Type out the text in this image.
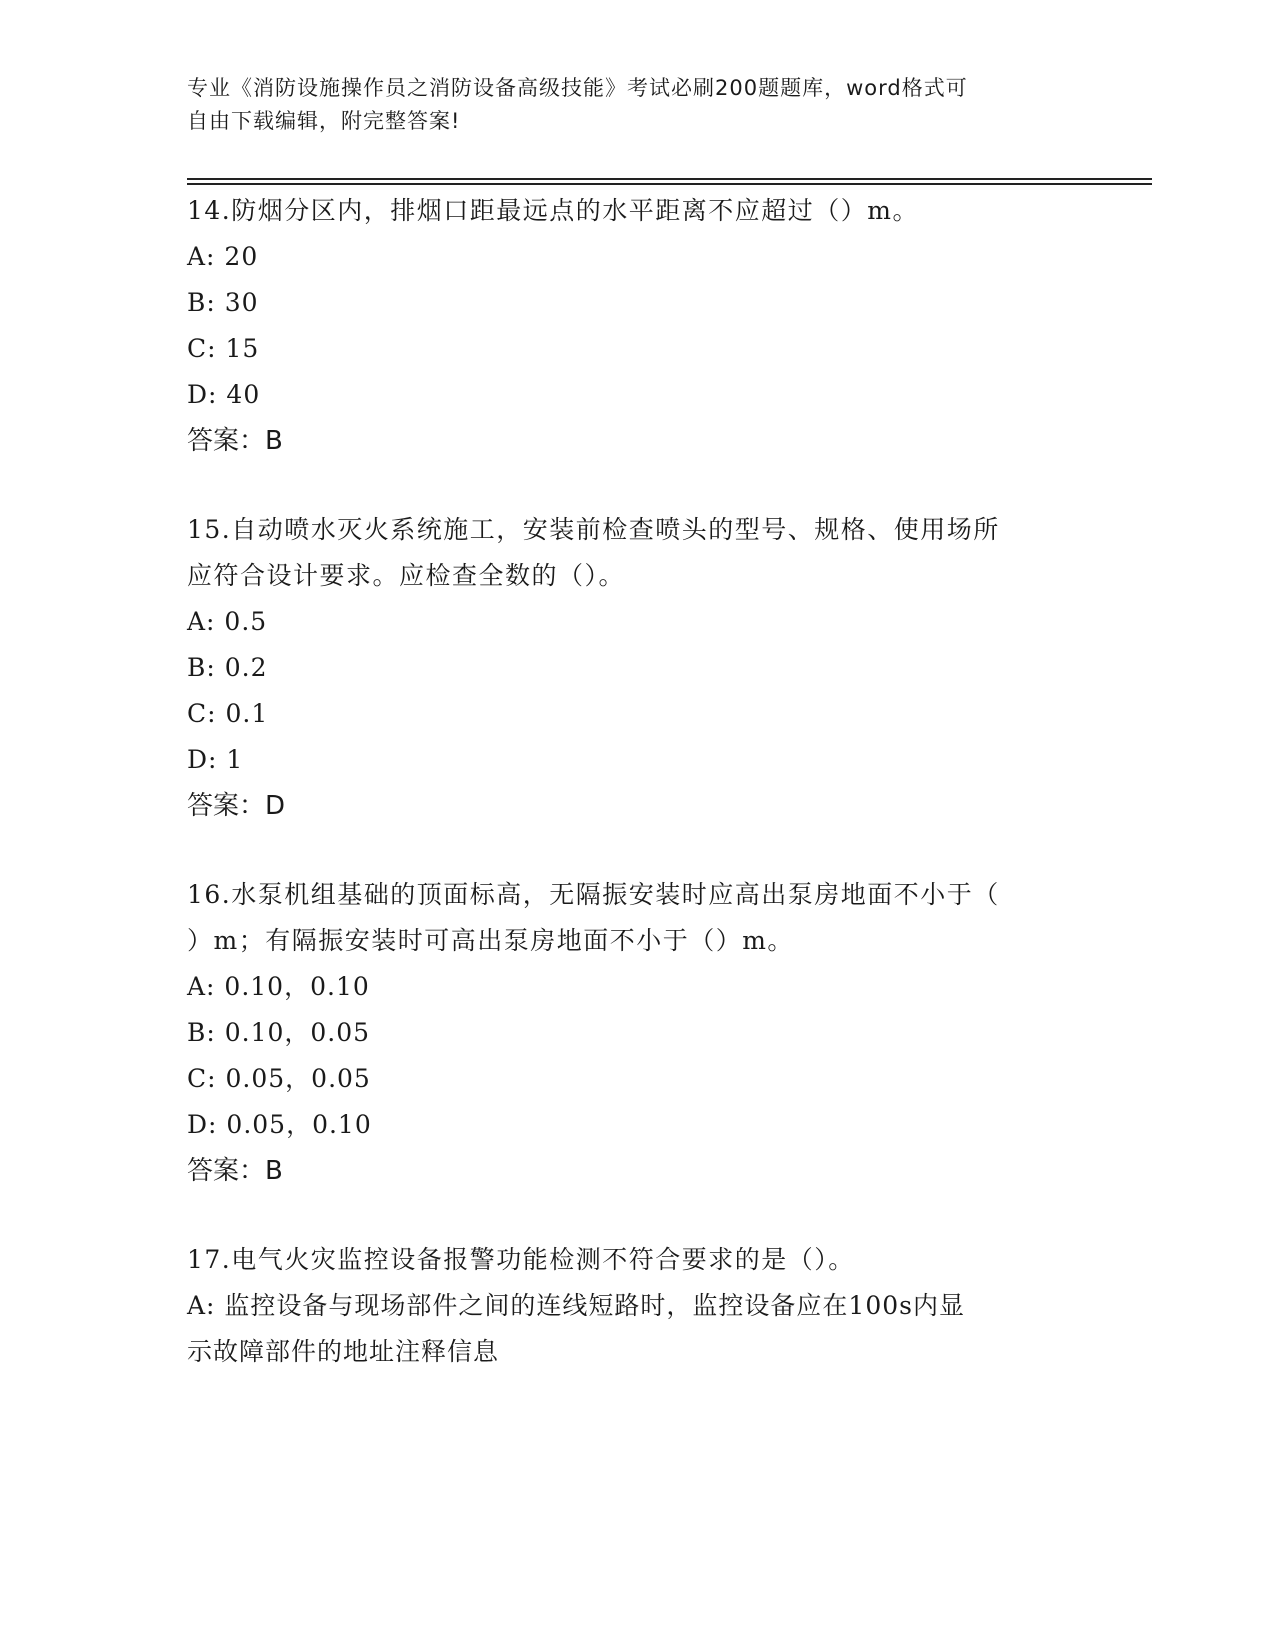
专业《消防设施操作员之消防设备高级技能》考试必刷200题题库，word格式可
自由下载编辑，附完整答案!
14.防烟分区内，排烟口距最远点的水平距离不应超过（）m。
A: 20
B: 30
C: 15
D: 40
答案：B
15.自动喷水灭火系统施工，安装前检查喷头的型号、规格、使用场所
应符合设计要求。应检查全数的（）。
A: 0.5
B: 0.2
C: 0.1
D: 1
答案：D
16.水泵机组基础的顶面标高，无隔振安装时应高出泵房地面不小于（
）m；有隔振安装时可高出泵房地面不小于（）m。
A: 0.10，0.10
B: 0.10，0.05
C: 0.05，0.05
D: 0.05，0.10
答案：B
17.电气火灾监控设备报警功能检测不符合要求的是（）。
A: 监控设备与现场部件之间的连线短路时，监控设备应在100s内显
示故障部件的地址注释信息
